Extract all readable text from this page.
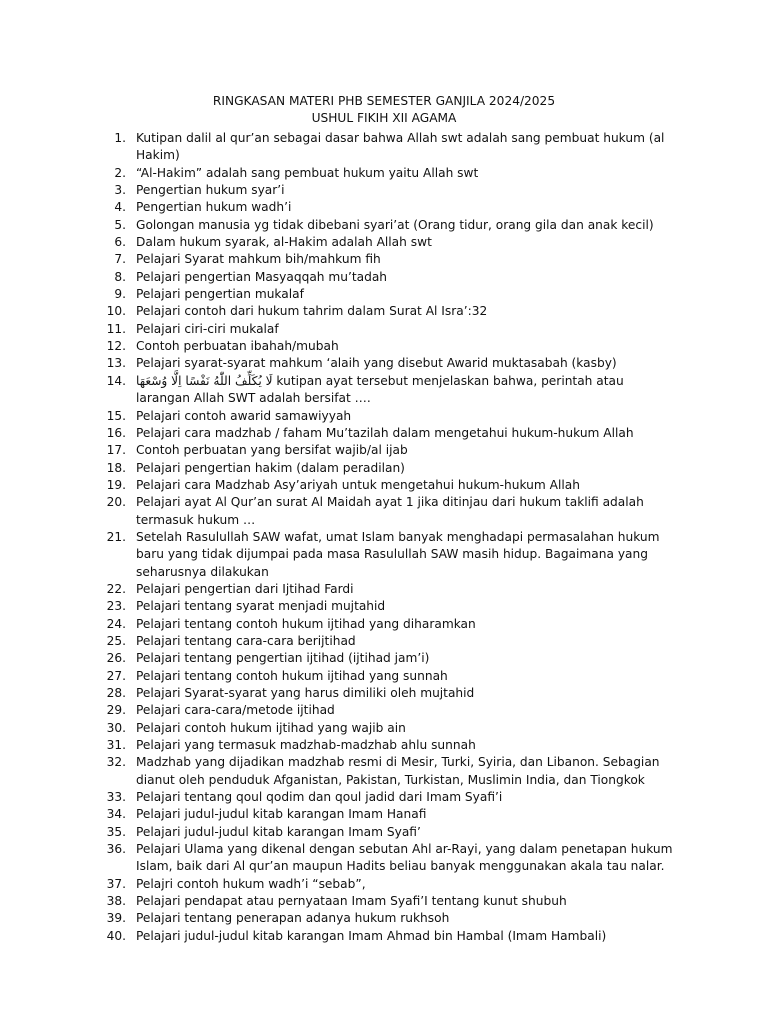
RINGKASAN MATERI PHB SEMESTER GANJILA 2024/2025
USHUL FIKIH XII AGAMA
1. Kutipan dalil al qur’an sebagai dasar bahwa Allah swt adalah sang pembuat hukum (al Hakim)
2. “Al-Hakim” adalah sang pembuat hukum yaitu Allah swt
3. Pengertian hukum syar’i
4. Pengertian hukum wadh’i
5. Golongan manusia yg tidak dibebani syari’at (Orang tidur, orang gila dan anak kecil)
6. Dalam hukum syarak, al-Hakim adalah Allah swt
7. Pelajari Syarat mahkum bih/mahkum fih
8. Pelajari pengertian Masyaqqah mu’tadah
9. Pelajari pengertian mukalaf
10. Pelajari contoh dari hukum tahrim dalam Surat Al Isra’:32
11. Pelajari ciri-ciri mukalaf
12. Contoh perbuatan ibahah/mubah
13. Pelajari syarat-syarat mahkum ‘alaih yang disebut Awarid muktasabah (kasby)
14. لَا يُكَلِّفُ اللّٰهُ نَفْسًا اِلَّا وُسْعَهَا kutipan ayat tersebut menjelaskan bahwa, perintah atau larangan Allah SWT adalah bersifat ….
15. Pelajari contoh awarid samawiyyah
16. Pelajari cara madzhab / faham Mu’tazilah dalam mengetahui hukum-hukum Allah
17. Contoh perbuatan yang bersifat wajib/al ijab
18. Pelajari pengertian hakim (dalam peradilan)
19. Pelajari cara Madzhab Asy’ariyah untuk mengetahui hukum-hukum Allah
20. Pelajari ayat Al Qur’an surat Al Maidah ayat 1 jika ditinjau dari hukum taklifi adalah termasuk hukum …
21. Setelah Rasulullah SAW wafat, umat Islam banyak menghadapi permasalahan hukum baru yang tidak dijumpai pada masa Rasulullah SAW masih hidup. Bagaimana yang seharusnya dilakukan
22. Pelajari pengertian dari Ijtihad Fardi
23. Pelajari tentang syarat menjadi mujtahid
24. Pelajari tentang contoh hukum ijtihad yang diharamkan
25. Pelajari tentang cara-cara berijtihad
26. Pelajari tentang pengertian ijtihad (ijtihad jam’i)
27. Pelajari tentang contoh hukum ijtihad yang sunnah
28. Pelajari Syarat-syarat yang harus dimiliki oleh mujtahid
29. Pelajari cara-cara/metode ijtihad
30. Pelajari contoh hukum ijtihad yang wajib ain
31. Pelajari yang termasuk madzhab-madzhab ahlu sunnah
32. Madzhab yang dijadikan madzhab resmi di Mesir, Turki, Syiria, dan Libanon. Sebagian dianut oleh penduduk Afganistan, Pakistan, Turkistan, Muslimin India, dan Tiongkok
33. Pelajari tentang qoul qodim dan qoul jadid dari Imam Syafi’i
34. Pelajari judul-judul kitab karangan Imam Hanafi
35. Pelajari judul-judul kitab karangan Imam Syafi’
36. Pelajari Ulama yang dikenal dengan sebutan Ahl ar-Rayi, yang dalam penetapan hukum Islam, baik dari Al qur’an maupun Hadits beliau banyak menggunakan akala tau nalar.
37. Pelajri contoh hukum wadh’i “sebab”,
38. Pelajari pendapat atau pernyataan Imam Syafi’I tentang kunut shubuh
39. Pelajari tentang penerapan adanya hukum rukhsoh
40. Pelajari judul-judul kitab karangan Imam Ahmad bin Hambal (Imam Hambali)
